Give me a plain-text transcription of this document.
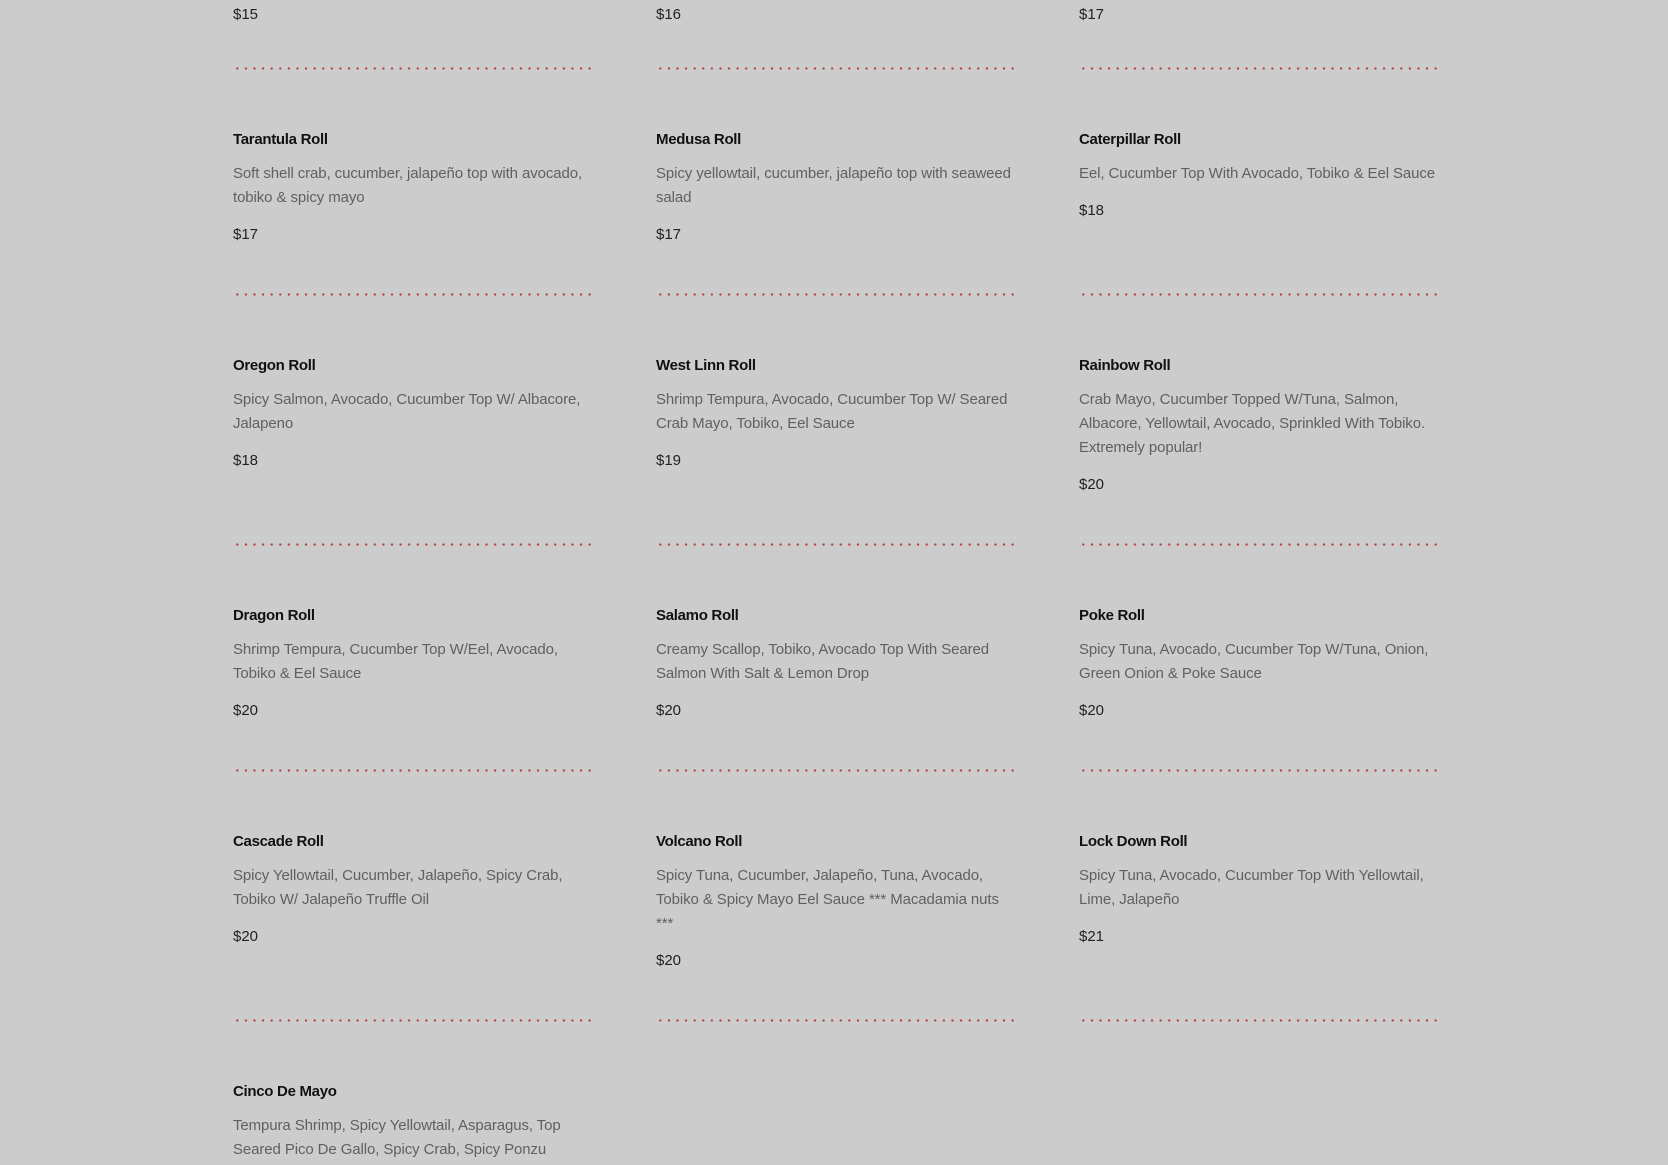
$15	$16	$17
Tarantula Roll
Soft shell crab, cucumber, jalapeño top with avocado, tobiko & spicy mayo
$17
Medusa Roll
Spicy yellowtail, cucumber, jalapeño top with seaweed salad
$17
Caterpillar Roll
Eel, Cucumber Top With Avocado, Tobiko & Eel Sauce
$18
Oregon Roll
Spicy Salmon, Avocado, Cucumber Top W/ Albacore, Jalapeno
$18
West Linn Roll
Shrimp Tempura, Avocado, Cucumber Top W/ Seared Crab Mayo, Tobiko, Eel Sauce
$19
Rainbow Roll
Crab Mayo, Cucumber Topped W/Tuna, Salmon, Albacore, Yellowtail, Avocado, Sprinkled With Tobiko. Extremely popular!
$20
Dragon Roll
Shrimp Tempura, Cucumber Top W/Eel, Avocado, Tobiko & Eel Sauce
$20
Salamo Roll
Creamy Scallop, Tobiko, Avocado Top With Seared Salmon With Salt & Lemon Drop
$20
Poke Roll
Spicy Tuna, Avocado, Cucumber Top W/Tuna, Onion, Green Onion & Poke Sauce
$20
Cascade Roll
Spicy Yellowtail, Cucumber, Jalapeño, Spicy Crab, Tobiko W/ Jalapeño Truffle Oil
$20
Volcano Roll
Spicy Tuna, Cucumber, Jalapeño, Tuna, Avocado, Tobiko & Spicy Mayo Eel Sauce *** Macadamia nuts ***
$20
Lock Down Roll
Spicy Tuna, Avocado, Cucumber Top With Yellowtail, Lime, Jalapeño
$21
Cinco De Mayo
Tempura Shrimp, Spicy Yellowtail, Asparagus, Top Seared Pico De Gallo, Spicy Crab, Spicy Ponzu
